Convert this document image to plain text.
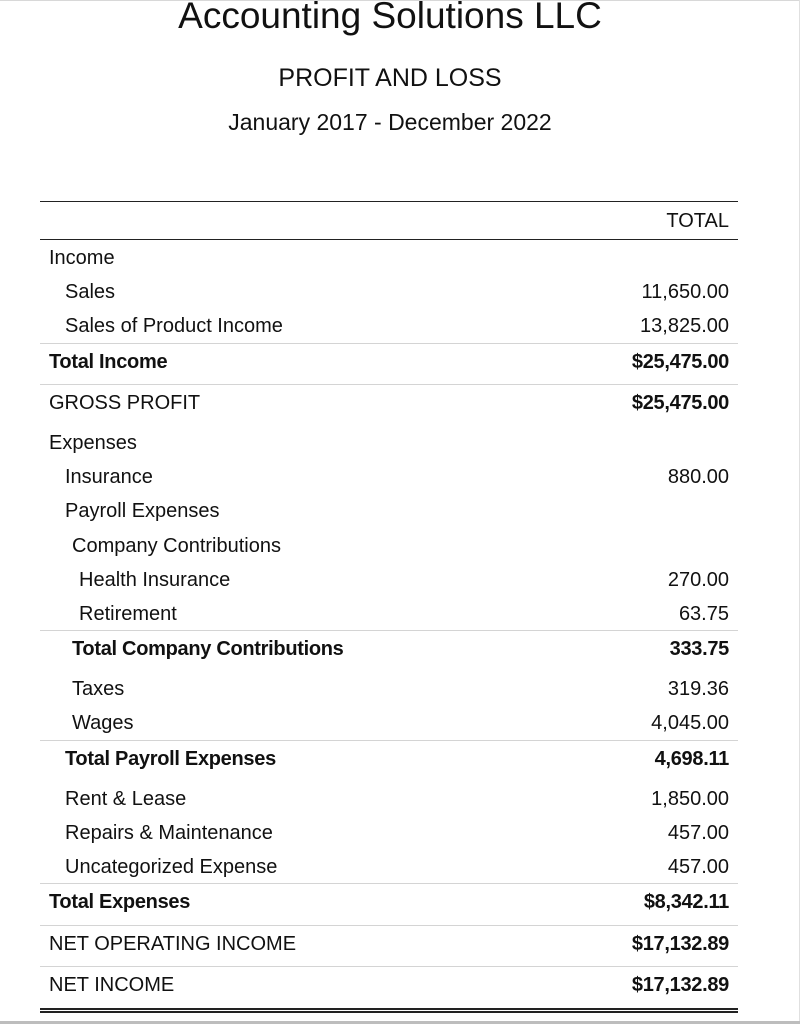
Accounting Solutions LLC
PROFIT AND LOSS
January 2017 - December 2022
TOTAL
Income
Sales	11,650.00
Sales of Product Income	13,825.00
Total Income	$25,475.00
GROSS PROFIT	$25,475.00
Expenses
Insurance	880.00
Payroll Expenses
Company Contributions
Health Insurance	270.00
Retirement	63.75
Total Company Contributions	333.75
Taxes	319.36
Wages	4,045.00
Total Payroll Expenses	4,698.11
Rent & Lease	1,850.00
Repairs & Maintenance	457.00
Uncategorized Expense	457.00
Total Expenses	$8,342.11
NET OPERATING INCOME	$17,132.89
NET INCOME	$17,132.89
